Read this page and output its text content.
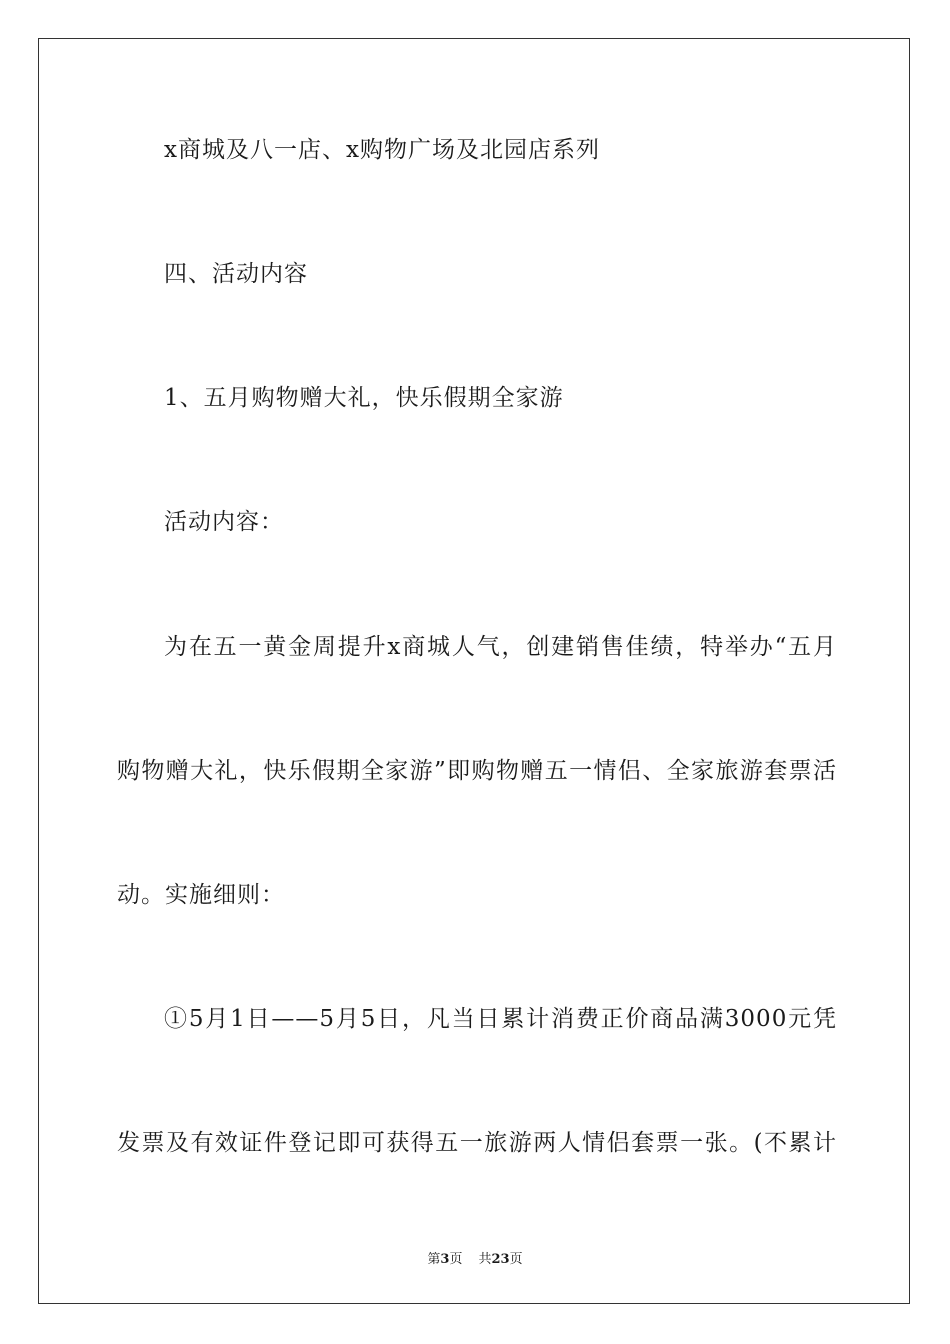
x商城及八一店、x购物广场及北园店系列
四、活动内容
1、五月购物赠大礼，快乐假期全家游
活动内容：
为在五一黄金周提升x商城人气，创建销售佳绩，特举办“五月
购物赠大礼，快乐假期全家游”即购物赠五一情侣、全家旅游套票活
动。实施细则：
①5月1日——5月5日，凡当日累计消费正价商品满3000元凭
发票及有效证件登记即可获得五一旅游两人情侣套票一张。(不累计
第3页 共23页
